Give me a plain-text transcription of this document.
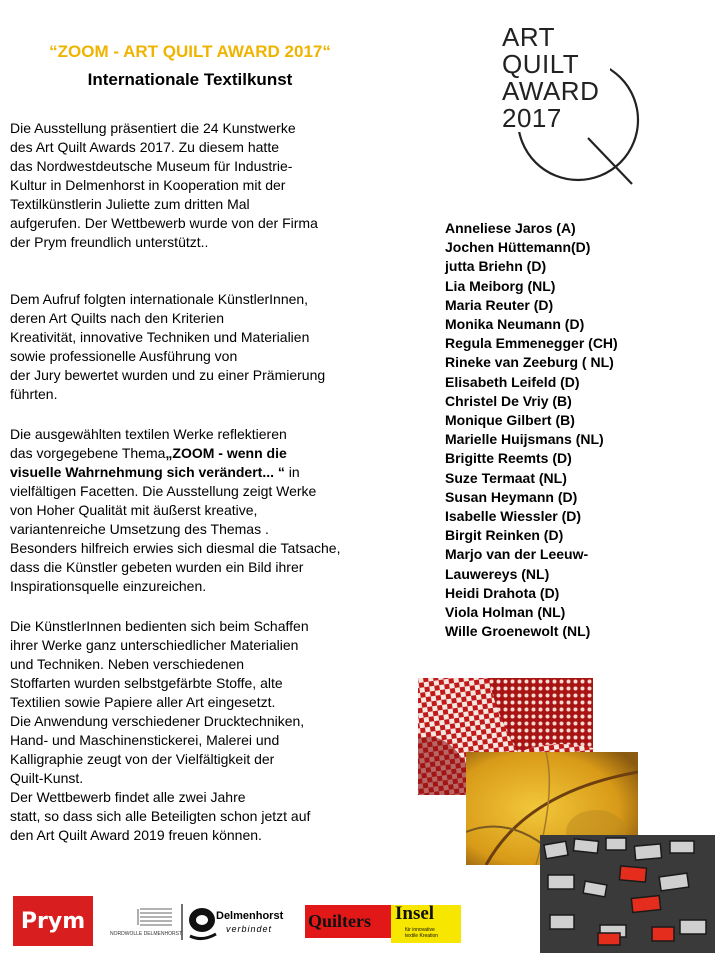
“ZOOM - ART QUILT AWARD 2017“
Internationale Textilkunst
ART
QUILT
AWARD
2017
Die Ausstellung präsentiert die 24 Kunstwerke
des Art Quilt Awards 2017. Zu diesem hatte
das Nordwestdeutsche Museum für Industrie-
Kultur in Delmenhorst in Kooperation mit der
Textilkünstlerin Juliette zum dritten Mal
aufgerufen. Der Wettbewerb wurde von der Firma
der Prym freundlich unterstützt..
Dem Aufruf folgten internationale KünstlerInnen,
deren Art Quilts nach den Kriterien
Kreativität, innovative Techniken und Materialien
sowie professionelle Ausführung von
der Jury bewertet wurden und zu einer Prämierung
führten.
Die ausgewählten textilen Werke reflektieren
das vorgegebene Thema„ZOOM - wenn die
visuelle Wahrnehmung sich verändert... “ in
vielfältigen Facetten. Die Ausstellung zeigt Werke
von Hoher Qualität mit äußerst kreative,
variantenreiche Umsetzung des Themas .
Besonders hilfreich erwies sich diesmal die Tatsache,
dass die Künstler gebeten wurden ein Bild ihrer
Inspirationsquelle einzureichen.
Die KünstlerInnen bedienten sich beim Schaffen
ihrer Werke ganz unterschiedlicher Materialien
und Techniken. Neben verschiedenen
Stoffarten wurden selbstgefärbte Stoffe, alte
Textilien sowie Papiere aller Art eingesetzt.
Die Anwendung verschiedener Drucktechniken,
Hand- und Maschinenstickerei, Malerei und
Kalligraphie zeugt von der Vielfältigkeit der
Quilt-Kunst.
Der Wettbewerb findet alle zwei Jahre
statt, so dass sich alle Beteiligten schon jetzt auf
den Art Quilt Award 2019 freuen können.
Anneliese Jaros (A)
Jochen Hüttemann(D)
jutta Briehn (D)
Lia Meiborg (NL)
Maria Reuter (D)
Monika Neumann (D)
Regula Emmenegger (CH)
Rineke van Zeeburg ( NL)
Elisabeth Leifeld (D)
Christel De Vriy (B)
Monique Gilbert (B)
Marielle Huijsmans (NL)
Brigitte Reemts (D)
Suze Termaat (NL)
Susan Heymann (D)
Isabelle Wiessler (D)
Birgit Reinken (D)
Marjo van der Leeuw-
Lauwereys (NL)
Heidi Drahota (D)
Viola Holman (NL)
Wille Groenewolt (NL)
Prym
NORDWOLLE DELMENHORST
Delmenhorst
verbindet Quilters	Insel
für innovative
textile Kreation
